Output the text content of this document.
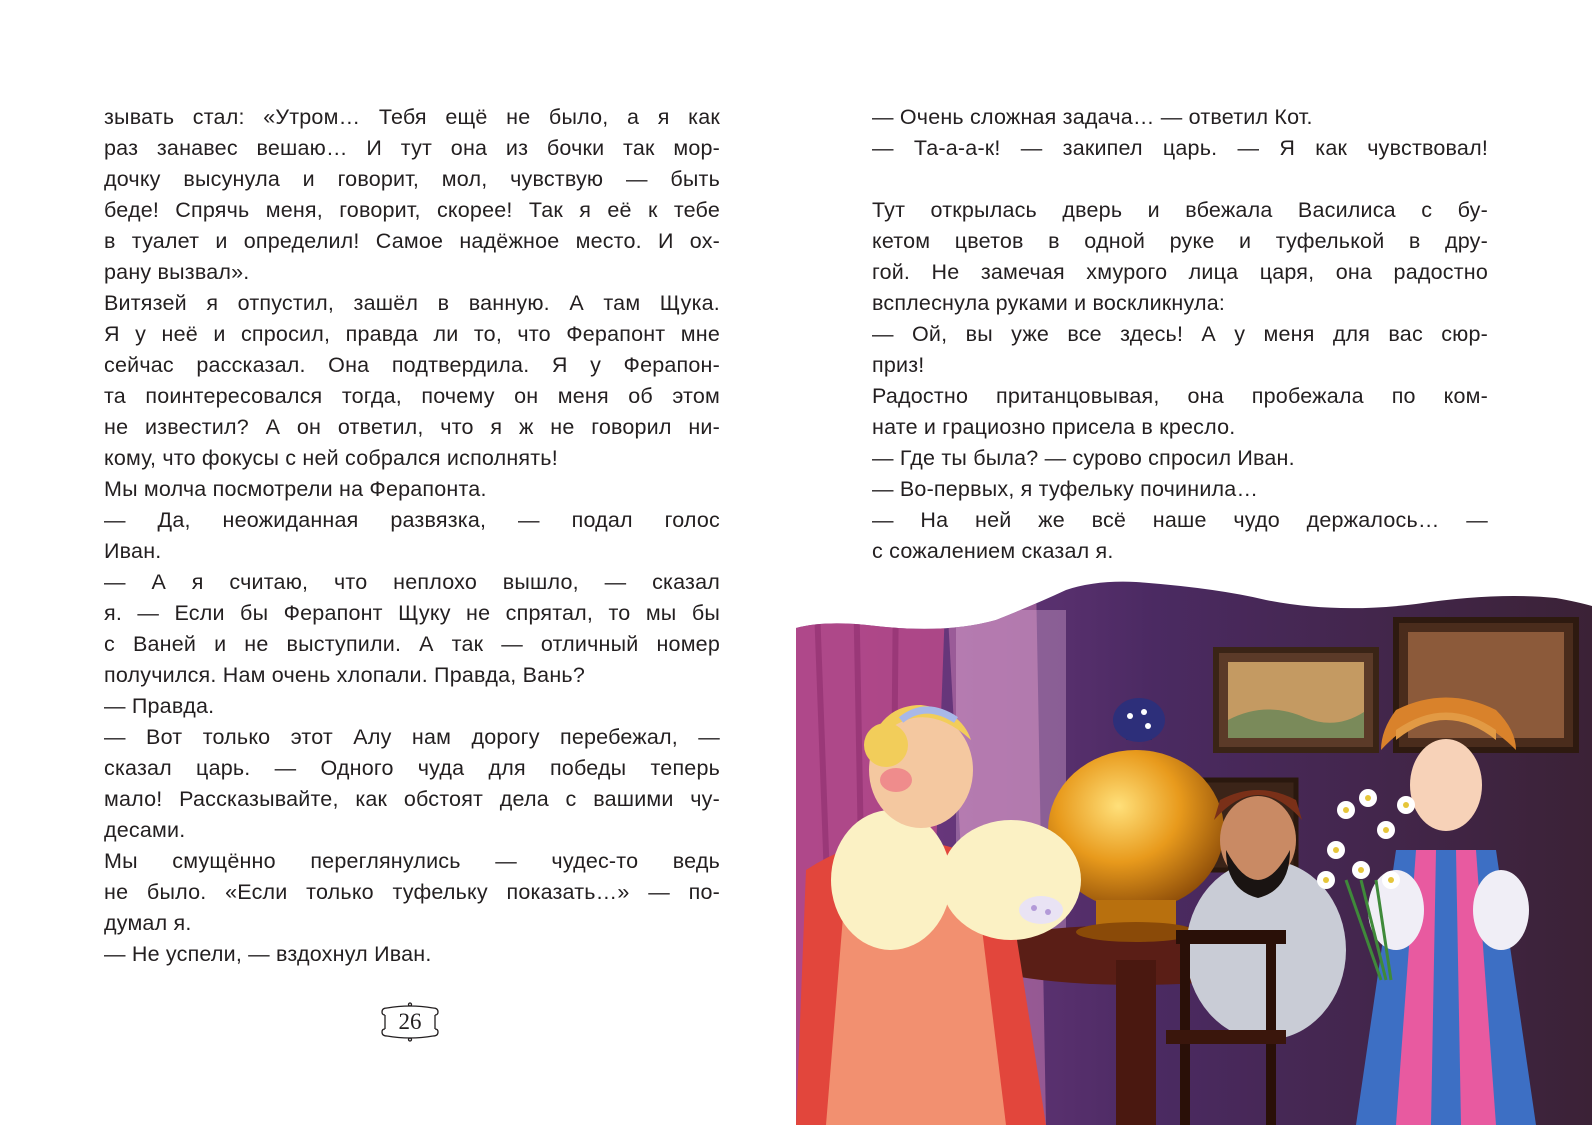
зывать стал: «Утром… Тебя ещё не было, а я как
раз занавес вешаю… И тут она из бочки так мор-
дочку высунула и говорит, мол, чувствую — быть
беде! Спрячь меня, говорит, скорее! Так я её к тебе
в туалет и определил! Самое надёжное место. И ох-
рану вызвал».
Витязей я отпустил, зашёл в ванную. А там Щука.
Я у неё и спросил, правда ли то, что Ферапонт мне
сейчас рассказал. Она подтвердила. Я у Ферапон-
та поинтересовался тогда, почему он меня об этом
не известил? А он ответил, что я ж не говорил ни-
кому, что фокусы с ней собрался исполнять!
Мы молча посмотрели на Ферапонта.
— Да, неожиданная развязка, — подал голос
Иван.
— А я считаю, что неплохо вышло, — сказал
я. — Если бы Ферапонт Щуку не спрятал, то мы бы
с Ваней и не выступили. А так — отличный номер
получился. Нам очень хлопали. Правда, Вань?
— Правда.
— Вот только этот Алу нам дорогу перебежал, —
сказал царь. — Одного чуда для победы теперь
мало! Рассказывайте, как обстоят дела с вашими чу-
десами.
Мы смущённо переглянулись — чудес-то ведь
не было. «Если только туфельку показать…» — по-
думал я.
— Не успели, — вздохнул Иван.
26
— Очень сложная задача… — ответил Кот.
— Та-а-а-к! — закипел царь. — Я как чувствовал!
Тут открылась дверь и вбежала Василиса с бу-
кетом цветов в одной руке и туфелькой в дру-
гой. Не замечая хмурого лица царя, она радостно
всплеснула руками и воскликнула:
— Ой, вы уже все здесь! А у меня для вас сюр-
приз!
Радостно пританцовывая, она пробежала по ком-
нате и грациозно присела в кресло.
— Где ты была? — сурово спросил Иван.
— Во-первых, я туфельку починила…
— На ней же всё наше чудо держалось… —
с сожалением сказал я.
